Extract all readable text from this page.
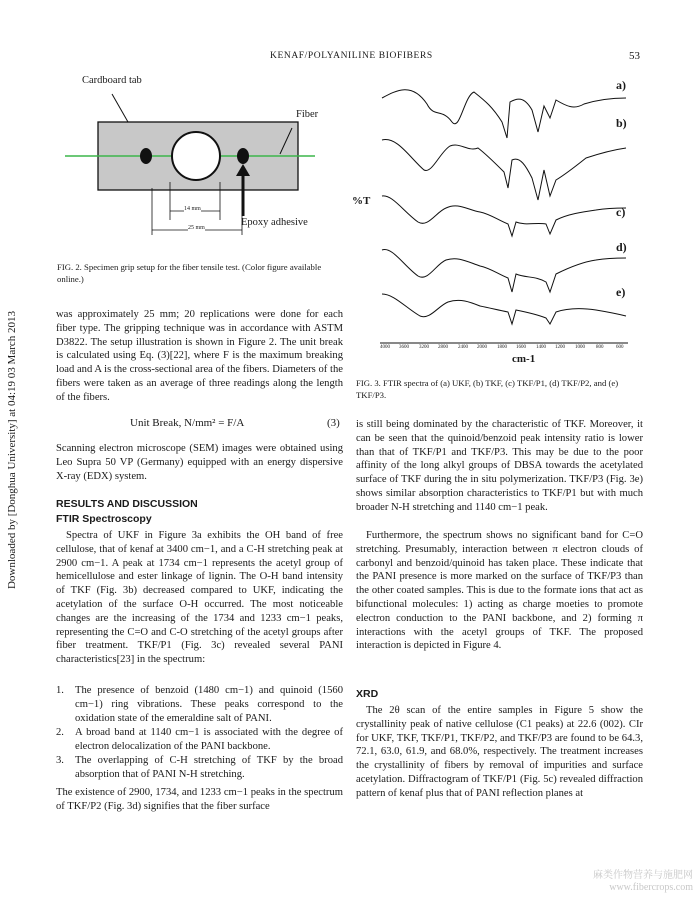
KENAF/POLYANILINE BIOFIBERS	53
Downloaded by [Donghua University] at 04:19 03 March 2013
Cardboard tab
Fiber
Epoxy adhesive
14 mm
25 mm
FIG. 2. Specimen grip setup for the fiber tensile test. (Color figure available online.)
a)
b)
c)
d)
e)
%T
cm-1
4000 3600 3200 2800 2400 2000 1800 1600 1400 1200 1000 800	600
FIG. 3. FTIR spectra of (a) UKF, (b) TKF, (c) TKF/P1, (d) TKF/P2, and (e) TKF/P3.
was approximately 25 mm; 20 replications were done for each fiber type. The gripping technique was in accordance with ASTM D3822. The setup illustration is shown in Figure 2. The unit break is calculated using Eq. (3)[22], where F is the maximum breaking load and A is the cross-sectional area of the fibers. Diameters of the fibers were taken as an average of three readings along the length of the fibers.
Unit Break, N/mm² = F/A	(3)
Scanning electron microscope (SEM) images were obtained using Leo Supra 50 VP (Germany) equipped with an energy dispersive X-ray (EDX) system.
RESULTS AND DISCUSSION
FTIR Spectroscopy
Spectra of UKF in Figure 3a exhibits the OH band of free cellulose, that of kenaf at 3400 cm−1, and a C-H stretching peak at 2900 cm−1. A peak at 1734 cm−1 represents the acetyl group of hemicellulose and ester linkage of lignin. The O-H band intensity of TKF (Fig. 3b) decreased compared to UKF, indicating the acetylation of the surface O-H occurred. The most noticeable changes are the increasing of the 1734 and 1233 cm−1 peaks, representing the C=O and C-O stretching of the acetyl groups after fiber treatment. TKF/P1 (Fig. 3c) revealed several PANI characteristics[23] in the spectrum:
1. The presence of benzoid (1480 cm−1) and quinoid (1560 cm−1) ring vibrations. These peaks correspond to the oxidation state of the emeraldine salt of PANI.
2. A broad band at 1140 cm−1 is associated with the degree of electron delocalization of the PANI backbone.
3. The overlapping of C-H stretching of TKF by the broad absorption that of PANI N-H stretching.
The existence of 2900, 1734, and 1233 cm−1 peaks in the spectrum of TKF/P2 (Fig. 3d) signifies that the fiber surface
is still being dominated by the characteristic of TKF. Moreover, it can be seen that the quinoid/benzoid peak intensity ratio is lower than that of TKF/P1 and TKF/P3. This may be due to the poor affinity of the long alkyl groups of DBSA towards the acetylated surface of TKF during the in situ polymerization. TKF/P3 (Fig. 3e) shows similar absorption characteristics to TKF/P1 but with much broader N-H stretching and 1140 cm−1 peak.
Furthermore, the spectrum shows no significant band for C=O stretching. Presumably, interaction between π electron clouds of carbonyl and benzoid/quinoid has taken place. These indicate that the PANI presence is more marked on the surface of TKF/P3 than the other coated samples. This is due to the formate ions that act as bifunctional molecules: 1) acting as charge moeties to promote electron conduction to the PANI backbone, and 2) forming π interactions with the acetyl groups of TKF. The proposed interaction is depicted in Figure 4.
XRD
The 2θ scan of the entire samples in Figure 5 show the crystallinity peak of native cellulose (C1 peaks) at 22.6 (002). CIr for UKF, TKF, TKF/P1, TKF/P2, and TKF/P3 are found to be 64.3, 72.1, 63.0, 61.9, and 68.0%, respectively. The treatment increases the crystallinity of fibers by removal of impurities and surface acetylation. Diffractogram of TKF/P1 (Fig. 5c) revealed diffraction pattern of kenaf plus that of PANI reflection planes at
麻类作物营养与施肥网
www.fibercrops.com
